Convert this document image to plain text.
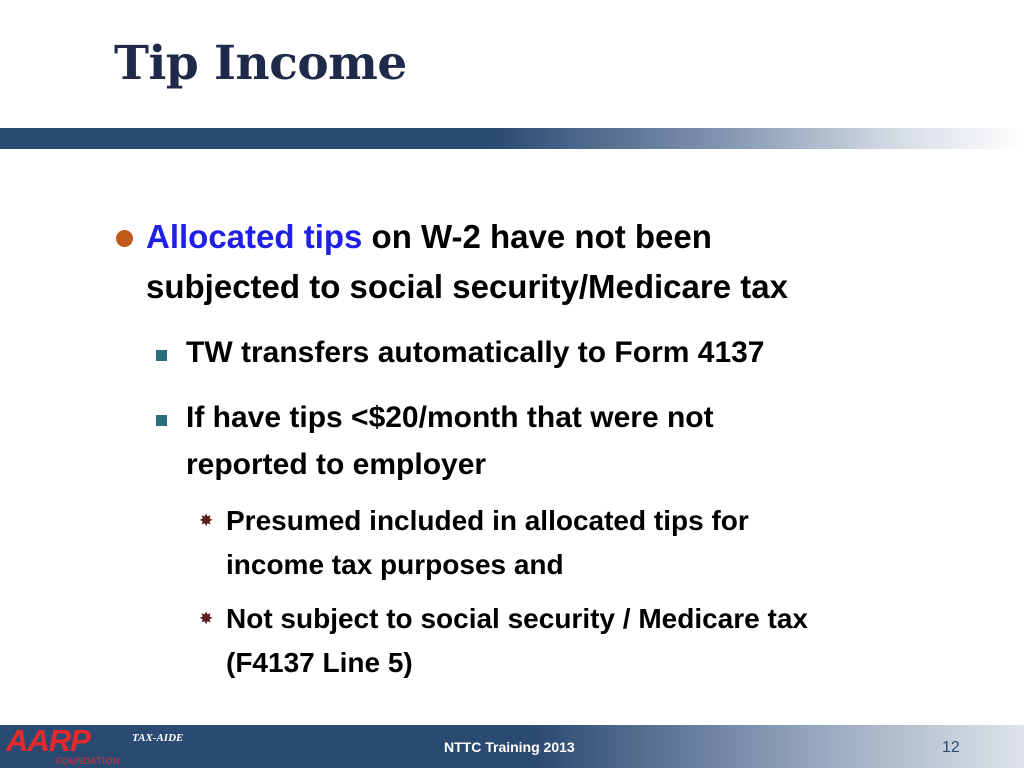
Tip Income
Allocated tips on W-2 have not been
subjected to social security/Medicare tax
TW transfers automatically to Form 4137
If have tips <$20/month that were not
reported to employer
✸ Presumed included in allocated tips for
income tax purposes and
✸ Not subject to social security / Medicare tax
(F4137 Line 5)
AARP
FOUNDATION
TAX-AIDE
NTTC Training 2013	12
